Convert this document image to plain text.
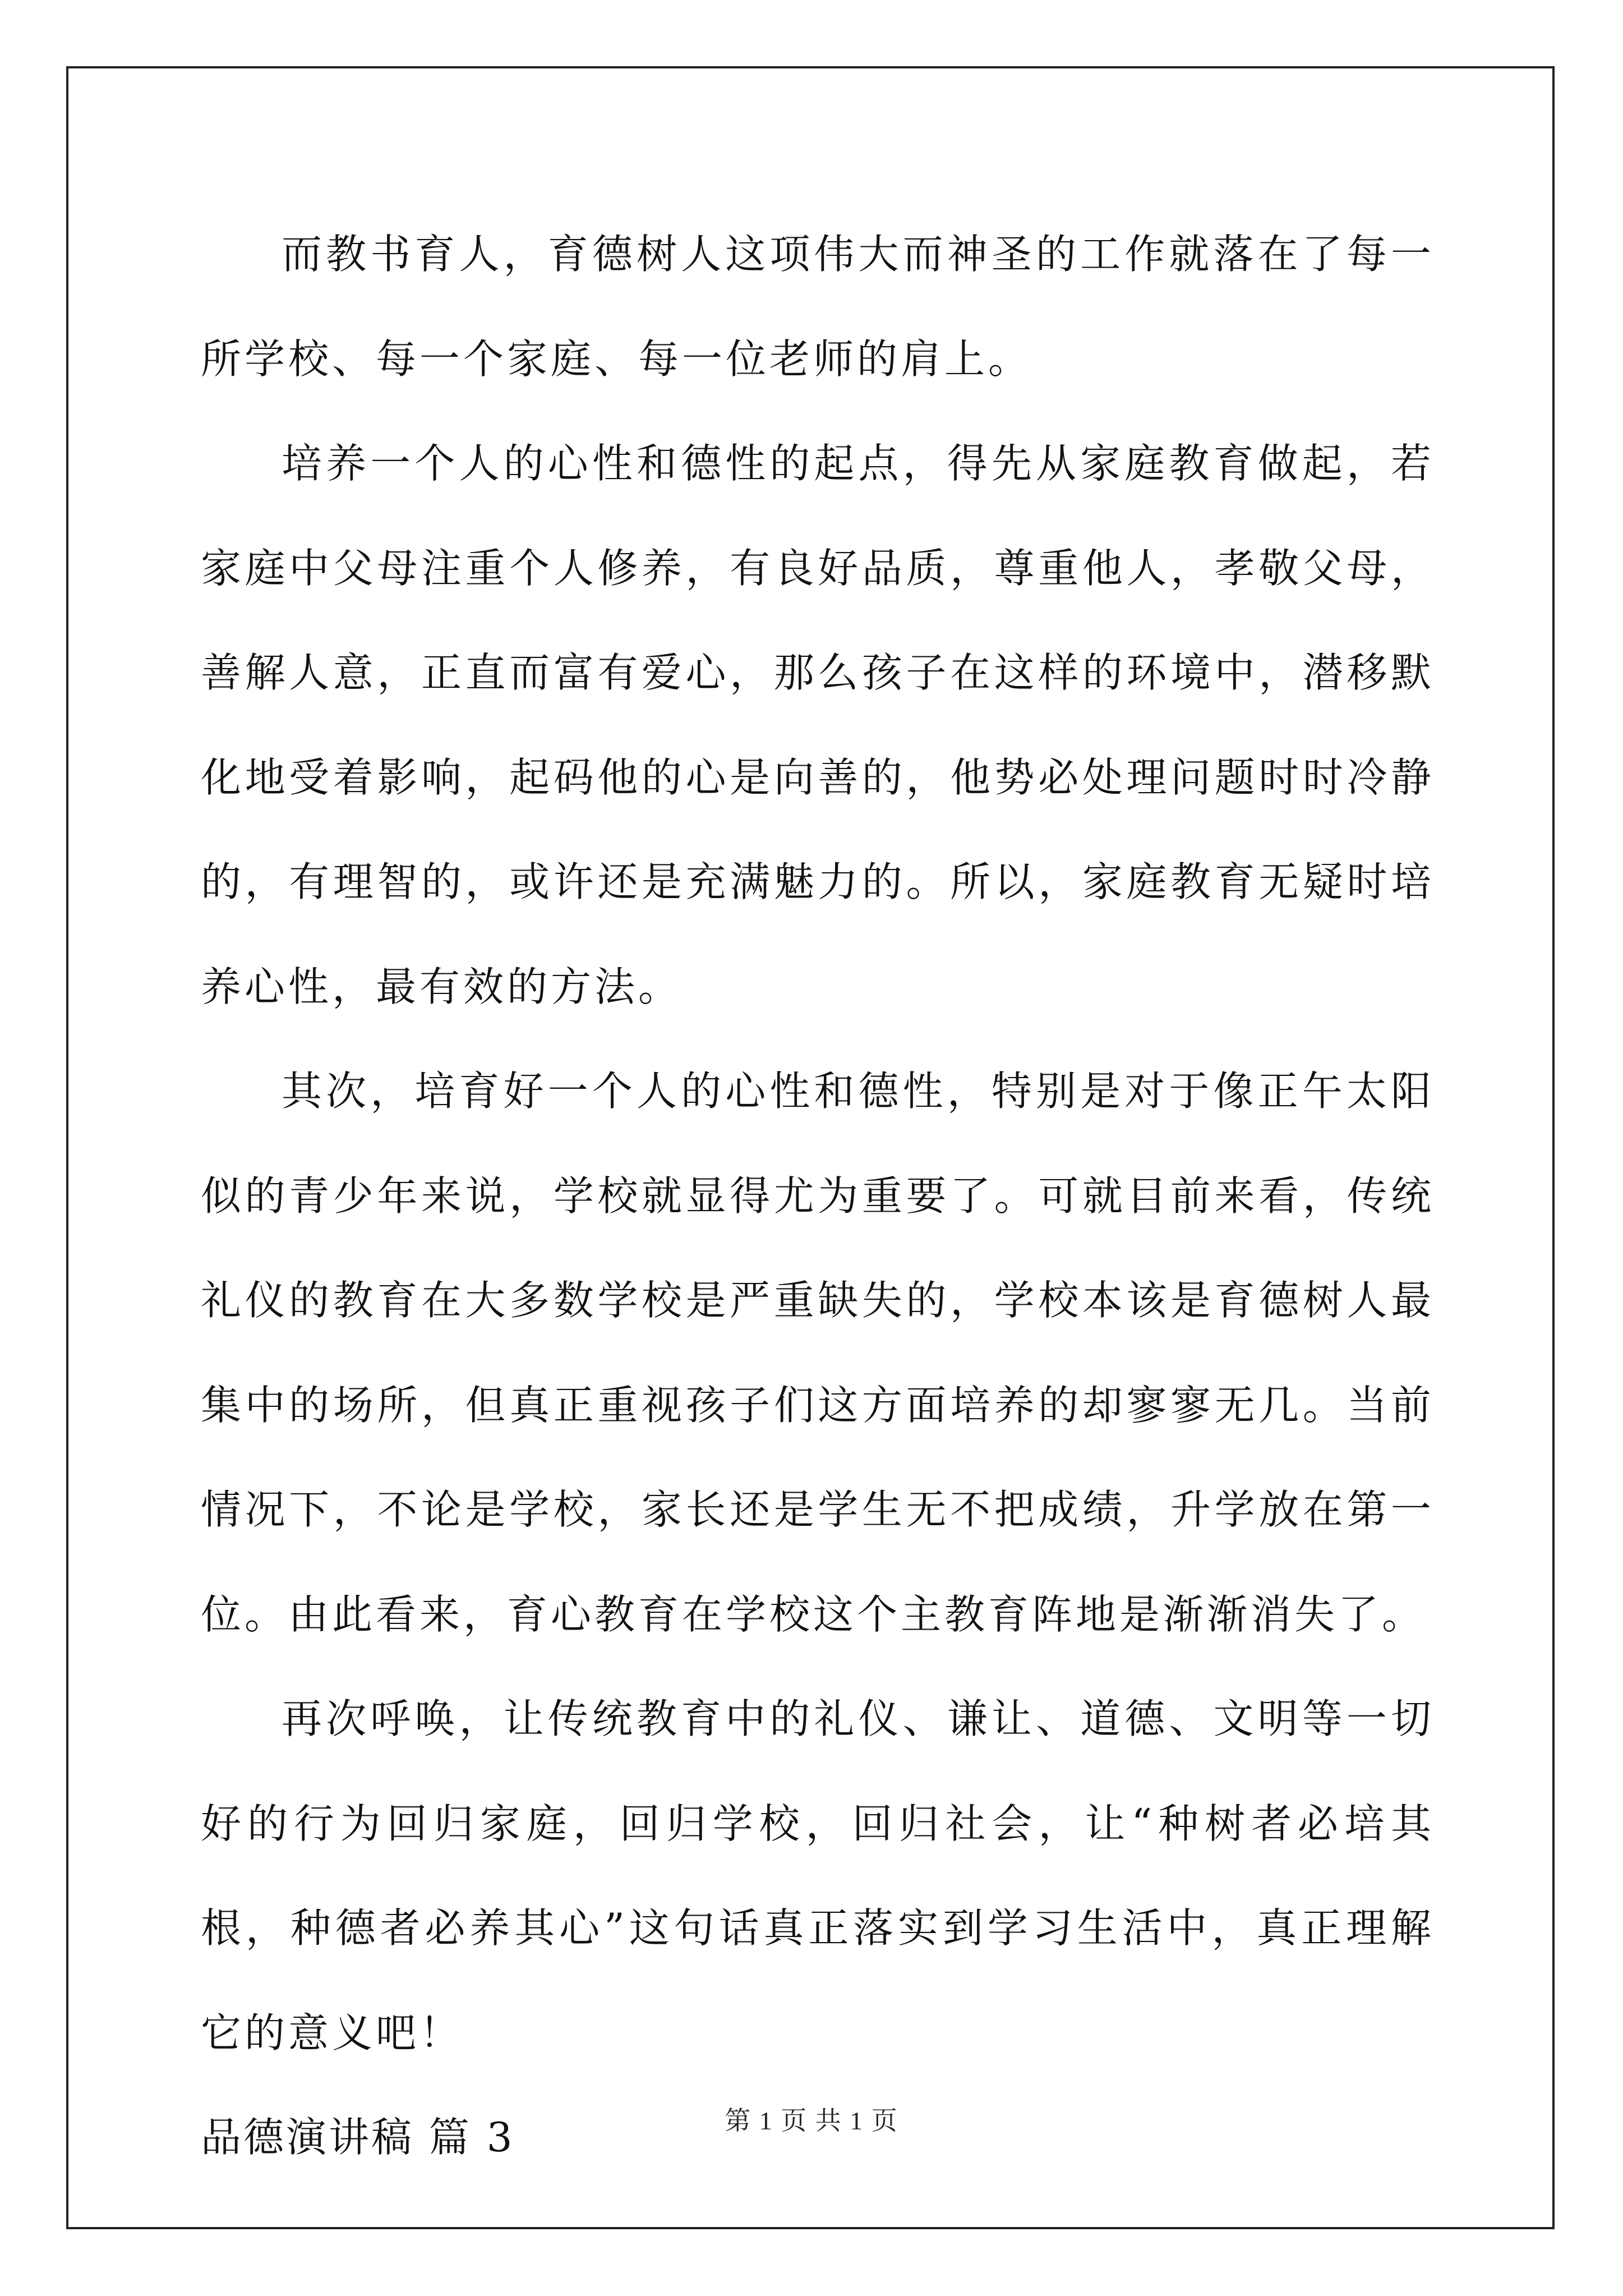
而教书育人，育德树人这项伟大而神圣的工作就落在了每一所学校、每一个家庭、每一位老师的肩上。

培养一个人的心性和德性的起点，得先从家庭教育做起，若家庭中父母注重个人修养，有良好品质，尊重他人，孝敬父母，善解人意，正直而富有爱心，那么孩子在这样的环境中，潜移默化地受着影响，起码他的心是向善的，他势必处理问题时时冷静的，有理智的，或许还是充满魅力的。所以，家庭教育无疑时培养心性，最有效的方法。

其次，培育好一个人的心性和德性，特别是对于像正午太阳似的青少年来说，学校就显得尤为重要了。可就目前来看，传统礼仪的教育在大多数学校是严重缺失的，学校本该是育德树人最集中的场所，但真正重视孩子们这方面培养的却寥寥无几。当前情况下，不论是学校，家长还是学生无不把成绩，升学放在第一位。由此看来，育心教育在学校这个主教育阵地是渐渐消失了。

再次呼唤，让传统教育中的礼仪、谦让、道德、文明等一切好的行为回归家庭，回归学校，回归社会，让“种树者必培其根，种德者必养其心”这句话真正落实到学习生活中，真正理解它的意义吧！

品德演讲稿 篇 3	第 1 页 共 1 页
